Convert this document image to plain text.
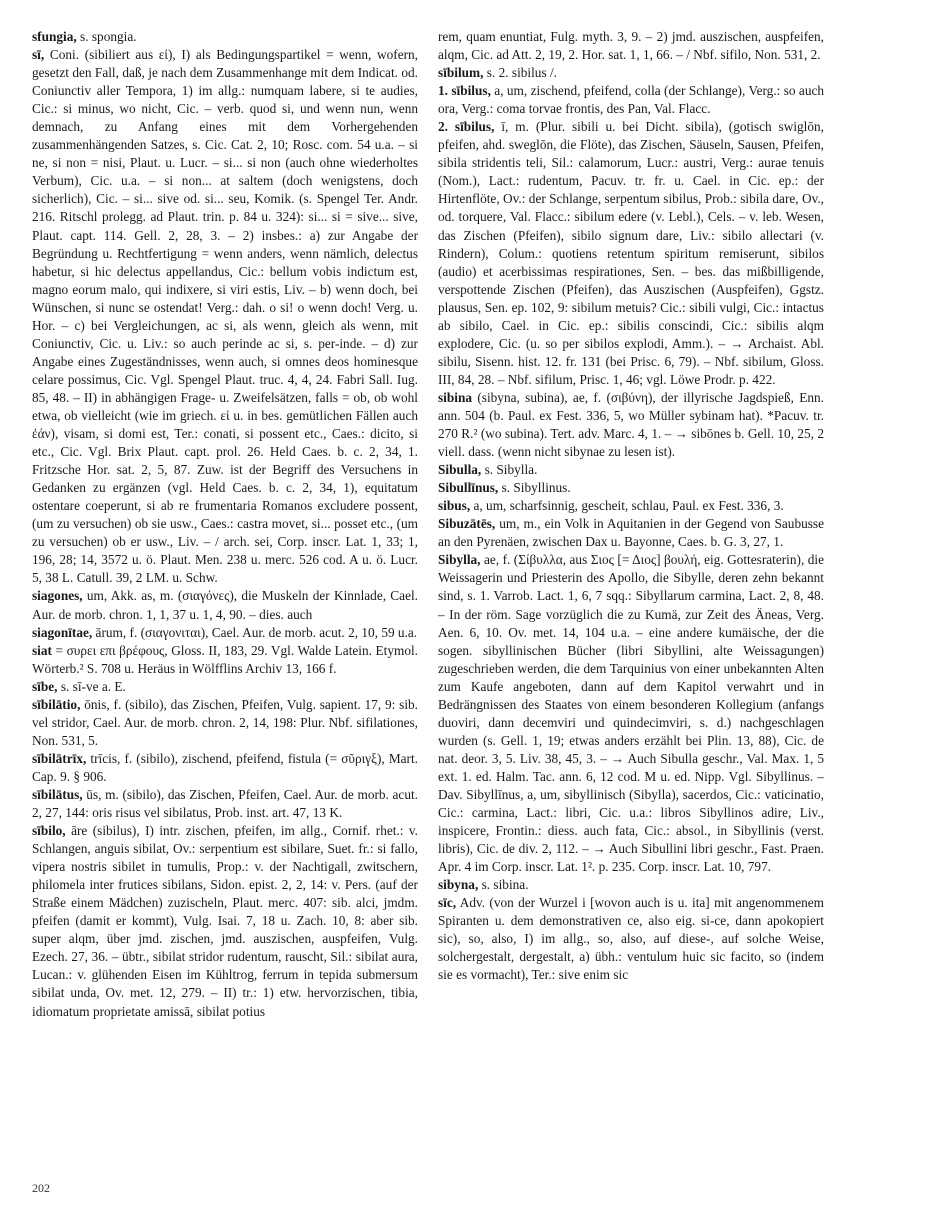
sfungia, s. spongia.

sī, Coni. (sibiliert aus εἰ), I) als Bedingungspartikel = wenn, wofern, gesetzt den Fall, daß, je nach dem Zusammenhange mit dem Indicat. od. Coniunctiv aller Tempora, 1) im allg.: numquam labere, si te audies, Cic.: si minus, wo nicht, Cic. – verb. quod si, und wenn nun, wenn demnach, zu Anfang eines mit dem Vorhergehenden zusammenhängenden Satzes, s. Cic. Cat. 2, 10; Rosc. com. 54 u.a. – si ne, si non = nisi, Plaut. u. Lucr. – si... si non (auch ohne wiederholtes Verbum), Cic. u.a. – si non... at saltem (doch wenigstens, doch sicherlich), Cic. – si... sive od. si... seu, Komik. (s. Spengel Ter. Andr. 216. Ritschl prolegg. ad Plaut. trin. p. 84 u. 324): si... si = sive... sive, Plaut. capt. 114. Gell. 2, 28, 3. – 2) insbes.: a) zur Angabe der Begründung u. Rechtfertigung = wenn anders, wenn nämlich, delectus habetur, si hic delectus appellandus, Cic.: bellum vobis indictum est, magno eorum malo, qui indixere, si viri estis, Liv. – b) wenn doch, bei Wünschen, si nunc se ostendat! Verg.: dah. o si! o wenn doch! Verg. u. Hor. – c) bei Vergleichungen, ac si, als wenn, gleich als wenn, mit Coniunctiv, Cic. u. Liv.: so auch perinde ac si, s. per-inde. – d) zur Angabe eines Zugeständnisses, wenn auch, si omnes deos hominesque celare possimus, Cic. Vgl. Spengel Plaut. truc. 4, 4, 24. Fabri Sall. Iug. 85, 48. – II) in abhängigen Frage- u. Zweifelsätzen, falls = ob, ob wohl etwa, ob vielleicht (wie im griech. εἰ u. in bes. gemütlichen Fällen auch ἐάν), visam, si domi est, Ter.: conati, si possent etc., Caes.: dicito, si etc., Cic. Vgl. Brix Plaut. capt. prol. 26. Held Caes. b. c. 2, 34, 1. Fritzsche Hor. sat. 2, 5, 87. Zuw. ist der Begriff des Versuchens in Gedanken zu ergänzen (vgl. Held Caes. b. c. 2, 34, 1), equitatum ostentare coeperunt, si ab re frumentaria Romanos excludere possent, (um zu versuchen) ob sie usw., Caes.: castra movet, si... posset etc., (um zu versuchen) ob er usw., Liv. – / arch. sei, Corp. inscr. Lat. 1, 33; 1, 196, 28; 14, 3572 u. ö. Plaut. Men. 238 u. merc. 526 cod. A u. ö. Lucr. 5, 38 L. Catull. 39, 2 LM. u. Schw.

siagones, um, Akk. as, m. (σιαγόνες), die Muskeln der Kinnlade, Cael. Aur. de morb. chron. 1, 1, 37 u. 1, 4, 90. – dies. auch

siagonītae, ārum, f. (σιαγονιται), Cael. Aur. de morb. acut. 2, 10, 59 u.a.

siat = συρει επι βρέφους, Gloss. II, 183, 29. Vgl. Walde Latein. Etymol. Wörterb.² S. 708 u. Heräus in Wölfflins Archiv 13, 166 f.

sībe, s. sī-ve a. E.

sībilātio, ōnis, f. (sibilo), das Zischen, Pfeifen, Vulg. sapient. 17, 9: sib. vel stridor, Cael. Aur. de morb. chron. 2, 14, 198: Plur. Nbf. sifilationes, Non. 531, 5.

sībilātrīx, trīcis, f. (sibilo), zischend, pfeifend, fistula (= σῦριγξ), Mart. Cap. 9. § 906.

sībilātus, ūs, m. (sibilo), das Zischen, Pfeifen, Cael. Aur. de morb. acut. 2, 27, 144: oris risus vel sibilatus, Prob. inst. art. 47, 13 K.

sībilo, āre (sibilus), I) intr. zischen, pfeifen, im allg., Cornif. rhet.: v. Schlangen, anguis sibilat, Ov.: serpentium est sibilare, Suet. fr.: si fallo, vipera nostris sibilet in tumulis, Prop.: v. der Nachtigall, zwitschern, philomela inter frutices sibilans, Sidon. epist. 2, 2, 14: v. Pers. (auf der Straße einem Mädchen) zuzischeln, Plaut. merc. 407: sib. alci, jmdm. pfeifen (damit er kommt), Vulg. Isai. 7, 18 u. Zach. 10, 8: aber sib. super alqm, über jmd. zischen, jmd. auszischen, auspfeifen, Vulg. Ezech. 27, 36. – übtr., sibilat stridor rudentum, rauscht, Sil.: sibilat aura, Lucan.: v. glühenden Eisen im Kühltrog, ferrum in tepida submersum sibilat unda, Ov. met. 12, 279. – II) tr.: 1) etw. hervorzischen, tibia, idiomatum proprietate amissā, sibilat potius

rem, quam enuntiat, Fulg. myth. 3, 9. – 2) jmd. auszischen, auspfeifen, alqm, Cic. ad Att. 2, 19, 2. Hor. sat. 1, 1, 66. – / Nbf. sifilo, Non. 531, 2.

sībilum, s. 2. sibilus /.

1. sībilus, a, um, zischend, pfeifend, colla (der Schlange), Verg.: so auch ora, Verg.: coma torvae frontis, des Pan, Val. Flacc.

2. sībilus, ī, m. (Plur. sibili u. bei Dicht. sibila), (gotisch swiglōn, pfeifen, ahd. sweglōn, die Flöte), das Zischen, Säuseln, Sausen, Pfeifen, sibila stridentis teli, Sil.: calamorum, Lucr.: austri, Verg.: aurae tenuis (Nom.), Lact.: rudentum, Pacuv. tr. fr. u. Cael. in Cic. ep.: der Hirtenflöte, Ov.: der Schlange, serpentum sibilus, Prob.: sibila dare, Ov., od. torquere, Val. Flacc.: sibilum edere (v. Lebl.), Cels. – v. leb. Wesen, das Zischen (Pfeifen), sibilo signum dare, Liv.: sibilo allectari (v. Rindern), Colum.: quotiens retentum spiritum remiserunt, sibilos (audio) et acerbissimas respirationes, Sen. – bes. das mißbilligende, verspottende Zischen (Pfeifen), das Auszischen (Auspfeifen), Ggstz. plausus, Sen. ep. 102, 9: sibilum metuis? Cic.: sibili vulgi, Cic.: intactus ab sibilo, Cael. in Cic. ep.: sibilis conscindi, Cic.: sibilis alqm explodere, Cic. (u. so per sibilos explodi, Amm.). – → Archaist. Abl. sibilu, Sisenn. hist. 12. fr. 131 (bei Prisc. 6, 79). – Nbf. sibilum, Gloss. III, 84, 28. – Nbf. sifilum, Prisc. 1, 46; vgl. Löwe Prodr. p. 422.

sibina (sibyna, subina), ae, f. (σιβύνη), der illyrische Jagdspieß, Enn. ann. 504 (b. Paul. ex Fest. 336, 5, wo Müller sybinam hat). *Pacuv. tr. 270 R.² (wo subina). Tert. adv. Marc. 4, 1. – → sibōnes b. Gell. 10, 25, 2 viell. dass. (wenn nicht sibynae zu lesen ist).

Sibulla, s. Sibylla.

Sibullīnus, s. Sibyllinus.

sibus, a, um, scharfsinnig, gescheit, schlau, Paul. ex Fest. 336, 3.

Sibuzātēs, um, m., ein Volk in Aquitanien in der Gegend von Saubusse an den Pyrenäen, zwischen Dax u. Bayonne, Caes. b. G. 3, 27, 1.

Sibylla, ae, f. (Σίβυλλα, aus Σιος [= Διος] βουλή, eig. Gottesraterin), die Weissagerin und Priesterin des Apollo, die Sibylle, deren zehn bekannt sind, s. 1. Varrob. Lact. 1, 6, 7 sqq.: Sibyllarum carmina, Lact. 2, 8, 48. – In der röm. Sage vorzüglich die zu Kumä, zur Zeit des Äneas, Verg. Aen. 6, 10. Ov. met. 14, 104 u.a. – eine andere kumäische, der die sogen. sibyllinischen Bücher (libri Sibyllini, alte Weissagungen) zugeschrieben werden, die dem Tarquinius von einer unbekannten Alten zum Kaufe angeboten, dann auf dem Kapitol verwahrt und in Bedrängnissen des Staates von einem besonderen Kollegium (anfangs duoviri, dann decemviri und quindecimviri, s. d.) nachgeschlagen wurden (s. Gell. 1, 19; etwas anders erzählt bei Plin. 13, 88), Cic. de nat. deor. 3, 5. Liv. 38, 45, 3. – → Auch Sibulla geschr., Val. Max. 1, 5 ext. 1. ed. Halm. Tac. ann. 6, 12 cod. M u. ed. Nipp. Vgl. Sibyllinus. – Dav. Sibyllīnus, a, um, sibyllinisch (Sibylla), sacerdos, Cic.: vaticinatio, Cic.: carmina, Lact.: libri, Cic. u.a.: libros Sibyllinos adire, Liv., inspicere, Frontin.: diess. auch fata, Cic.: absol., in Sibyllinis (verst. libris), Cic. de div. 2, 112. – → Auch Sibullini libri geschr., Fast. Praen. Apr. 4 im Corp. inscr. Lat. 1². p. 235. Corp. inscr. Lat. 10, 797.

sibyna, s. sibina.

sīc, Adv. (von der Wurzel i [wovon auch is u. ita] mit angenommenem Spiranten u. dem demonstrativen ce, also eig. si-ce, dann apokopiert sic), so, also, I) im allg., so, also, auf diese-, auf solche Weise, solchergestalt, dergestalt, a) übh.: ventulum huic sic facito, so (indem sie es vormacht), Ter.: sive enim sic

202
